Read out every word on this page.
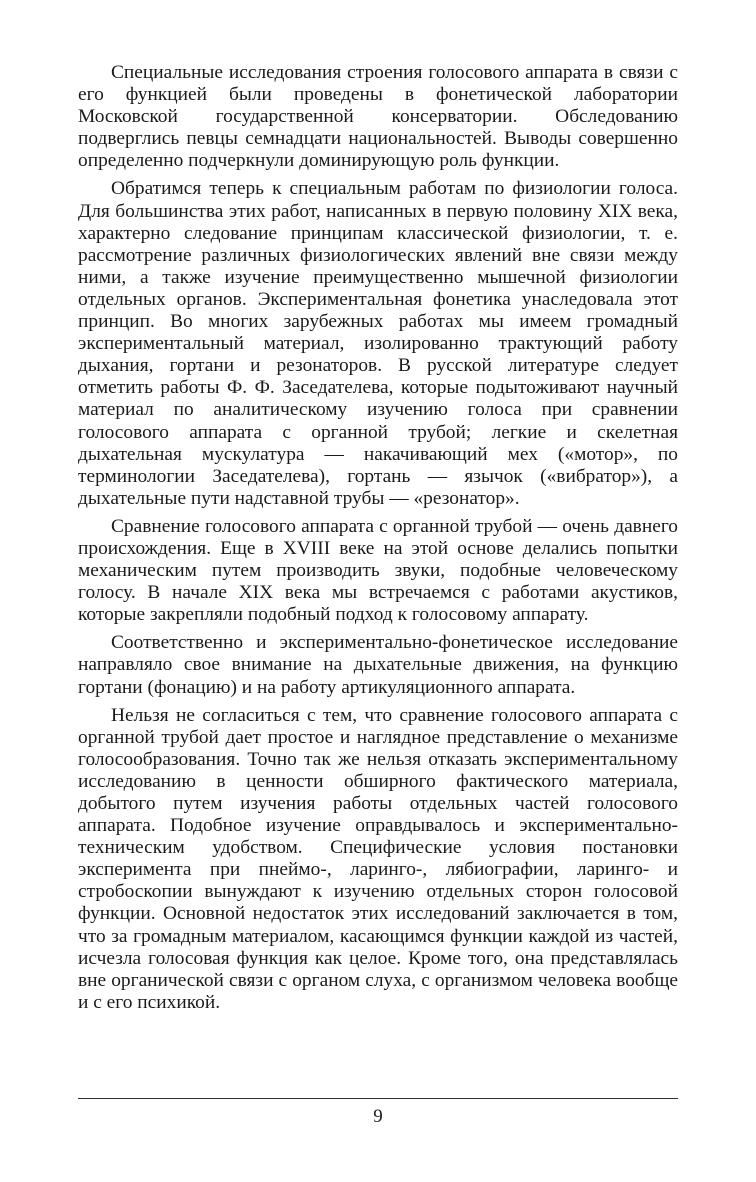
Специальные исследования строения голосового аппарата в связи с его функцией были проведены в фонетической лаборатории Московской государственной консерватории. Обследованию подверглись певцы семнадцати национальностей. Выводы совершенно определенно подчеркнули доминирующую роль функции.

Обратимся теперь к специальным работам по физиологии голоса. Для большинства этих работ, написанных в первую половину XIX века, характерно следование принципам классической физиологии, т. е. рассмотрение различных физиологических явлений вне связи между ними, а также изучение преимущественно мышечной физиологии отдельных органов. Экспериментальная фонетика унаследовала этот принцип. Во многих зарубежных работах мы имеем громадный экспериментальный материал, изолированно трактующий работу дыхания, гортани и резонаторов. В русской литературе следует отметить работы Ф. Ф. Заседателева, которые подытоживают научный материал по аналитическому изучению голоса при сравнении голосового аппарата с органной трубой; легкие и скелетная дыхательная мускулатура — накачивающий мех («мотор», по терминологии Заседателева), гортань — язычок («вибратор»), а дыхательные пути надставной трубы — «резонатор».

Сравнение голосового аппарата с органной трубой — очень давнего происхождения. Еще в XVIII веке на этой основе делались попытки механическим путем производить звуки, подобные человеческому голосу. В начале XIX века мы встречаемся с работами акустиков, которые закрепляли подобный подход к голосовому аппарату.

Соответственно и экспериментально-фонетическое исследование направляло свое внимание на дыхательные движения, на функцию гортани (фонацию) и на работу артикуляционного аппарата.

Нельзя не согласиться с тем, что сравнение голосового аппарата с органной трубой дает простое и наглядное представление о механизме голосообразования. Точно так же нельзя отказать экспериментальному исследованию в ценности обширного фактического материала, добытого путем изучения работы отдельных частей голосового аппарата. Подобное изучение оправдывалось и экспериментально-техническим удобством. Специфические условия постановки эксперимента при пнеймо-, ларинго-, лябиографии, ларинго- и стробоскопии вынуждают к изучению отдельных сторон голосовой функции. Основной недостаток этих исследований заключается в том, что за громадным материалом, касающимся функции каждой из частей, исчезла голосовая функция как целое. Кроме того, она представлялась вне органической связи с органом слуха, с организмом человека вообще и с его психикой.

9
